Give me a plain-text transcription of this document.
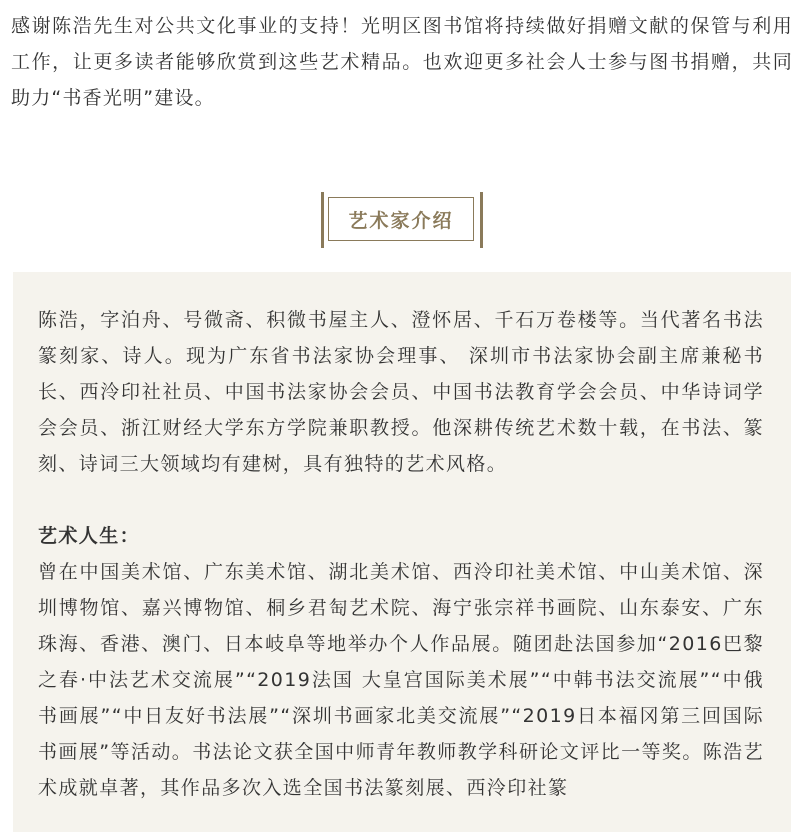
感谢陈浩先生对公共文化事业的支持！光明区图书馆将持续做好捐赠文献的保管与利用工作，让更多读者能够欣赏到这些艺术精品。也欢迎更多社会人士参与图书捐赠，共同助力“书香光明”建设。

艺术家介绍

陈浩，字泊舟、号微斋、积微书屋主人、澄怀居、千石万卷楼等。当代著名书法篆刻家、诗人。现为广东省书法家协会理事、 深圳市书法家协会副主席兼秘书长、西泠印社社员、中国书法家协会会员、中国书法教育学会会员、中华诗词学会会员、浙江财经大学东方学院兼职教授。他深耕传统艺术数十载，在书法、篆刻、诗词三大领域均有建树，具有独特的艺术风格。

艺术人生：

曾在中国美术馆、广东美术馆、湖北美术馆、西泠印社美术馆、中山美术馆、深圳博物馆、嘉兴博物馆、桐乡君匋艺术院、海宁张宗祥书画院、山东泰安、广东珠海、香港、澳门、日本岐阜等地举办个人作品展。随团赴法国参加“2016巴黎之春·中法艺术交流展”“2019法国 大皇宫国际美术展”“中韩书法交流展”“中俄书画展”“中日友好书法展”“深圳书画家北美交流展”“2019日本福冈第三回国际书画展”等活动。书法论文获全国中师青年教师教学科研论文评比一等奖。陈浩艺术成就卓著，其作品多次入选全国书法篆刻展、西泠印社篆
